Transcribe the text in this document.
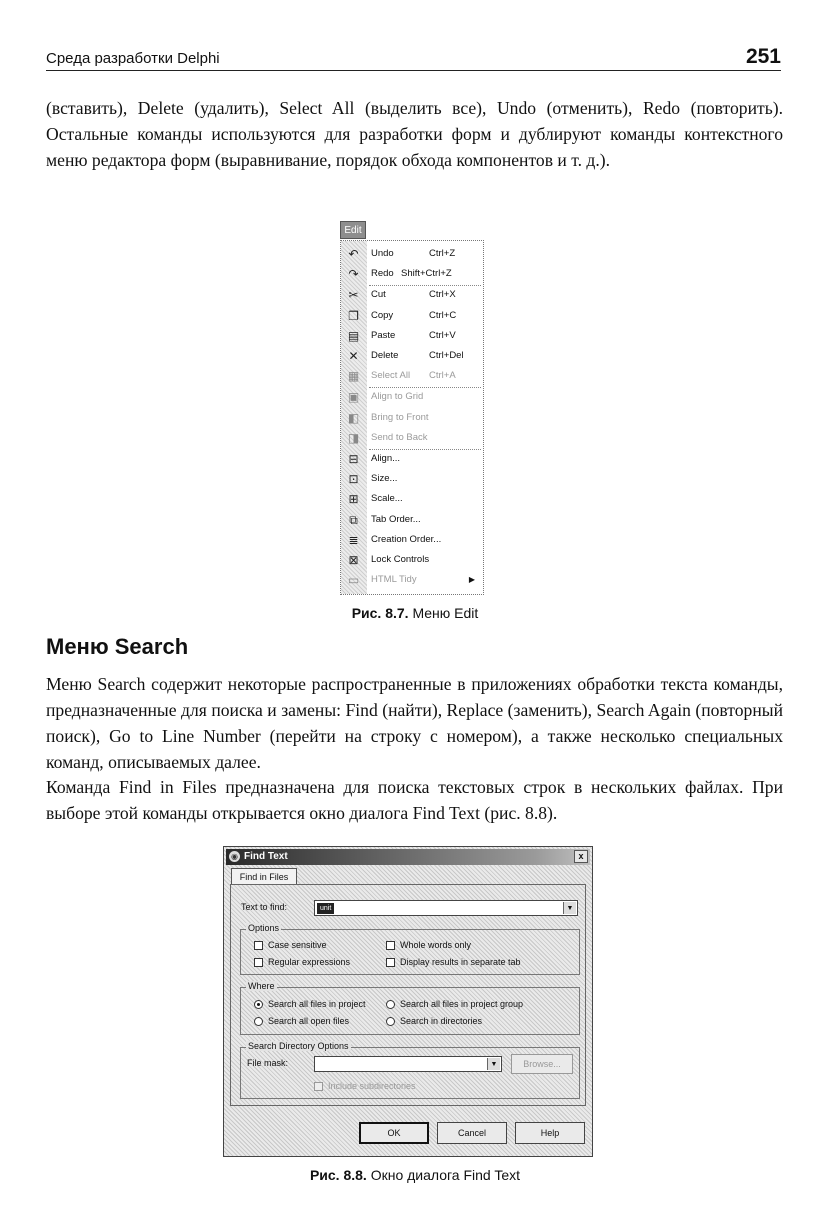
Среда разработки Delphi	251

(вставить), Delete (удалить), Select All (выделить все), Undo (отменить), Redo (повторить). Остальные команды используются для разработки форм и дублируют команды контекстного меню редактора форм (выравнивание, порядок обхода компонентов и т. д.).

Edit
↶ Undo	Ctrl+Z
↷ Redo Shift+Ctrl+Z
✂ Cut	Ctrl+X
❐ Copy	Ctrl+C
▤ Paste	Ctrl+V
✕ Delete	Ctrl+Del
▦ Select All Ctrl+A
▣ Align to Grid
◧ Bring to Front
◨ Send to Back
⊟ Align...
⊡ Size...
⊞ Scale...
⧉	Tab Order...
≣ Creation Order...
⊠ Lock Controls
▭ HTML Tidy	▶
Рис. 8.7. Меню Edit
Меню Search

Меню Search содержит некоторые распространенные в приложениях обработки текста команды, предназначенные для поиска и замены: Find (найти), Replace (заменить), Search Again (повторный поиск), Go to Line Number (перейти на строку с номером), а также несколько специальных команд, описываемых далее.

Команда Find in Files предназначена для поиска текстовых строк в нескольких файлах. При выборе этой команды открывается окно диалога Find Text (рис. 8.8).

◉ Find Text	x
Find in Files
Text to find:	unit	▼
Options
Case sensitive	Whole words only
Regular expressions	Display results in separate tab
Where
Search all files in project	Search all files in project group
Search all open files	Search in directories
Search Directory Options
File mask:	▼	Browse...
Include subdirectories
OK	Cancel	Help
Рис. 8.8. Окно диалога Find Text
